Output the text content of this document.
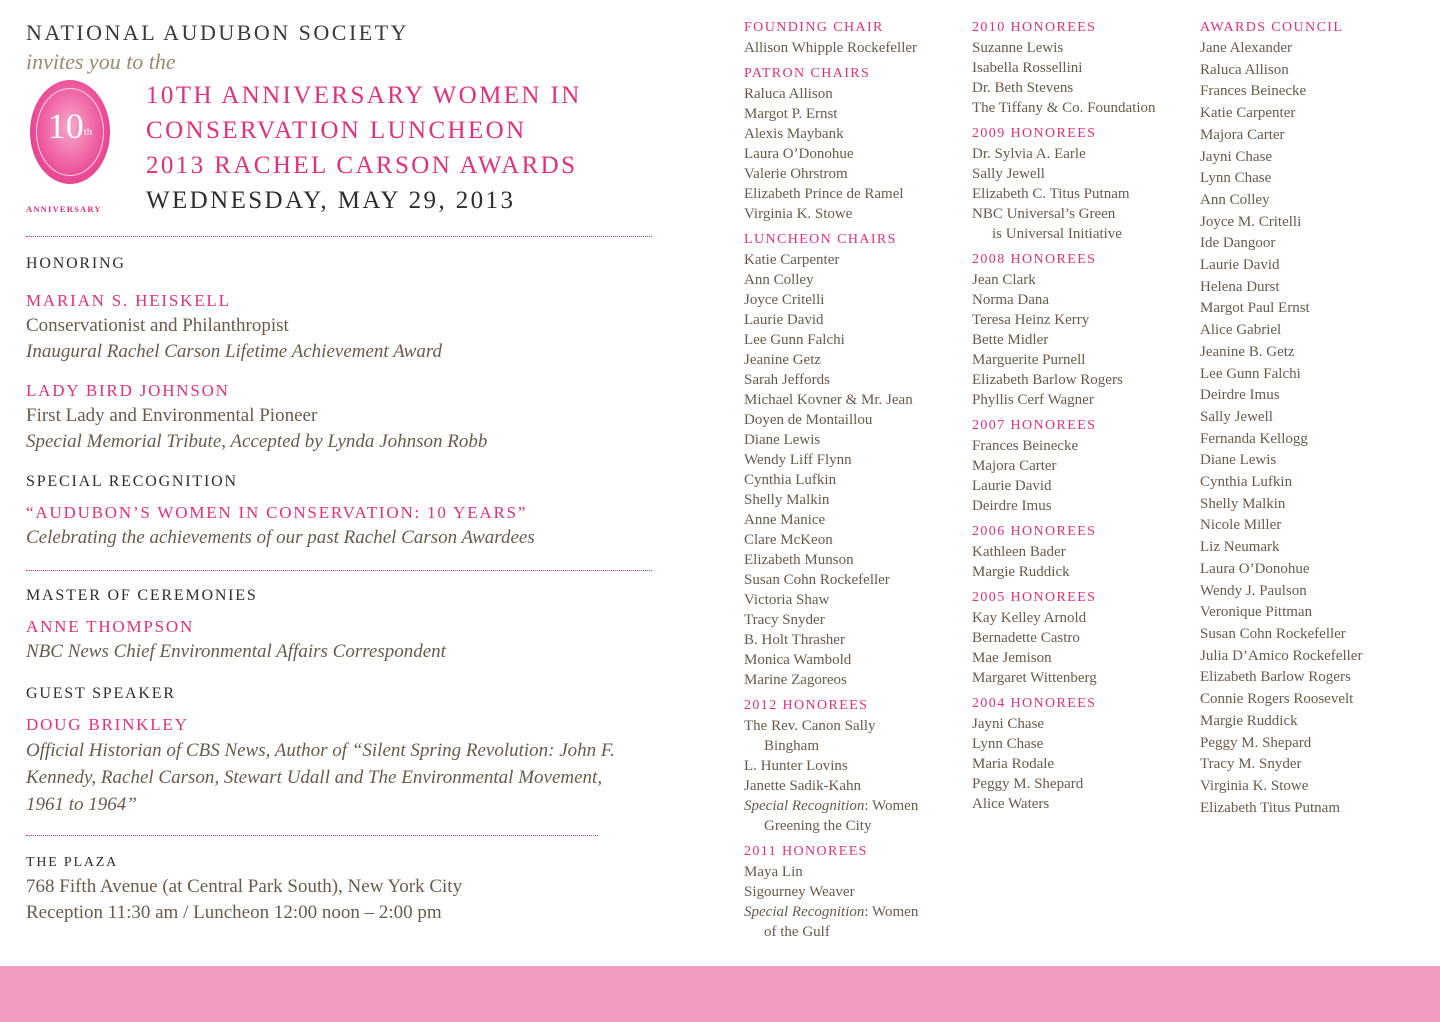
NATIONAL AUDUBON SOCIETY
invites you to the
10th
10TH ANNIVERSARY WOMEN IN
CONSERVATION LUNCHEON
2013 RACHEL CARSON AWARDS
WEDNESDAY, MAY 29, 2013
ANNIVERSARY
HONORING
MARIAN S. HEISKELL
Conservationist and Philanthropist
Inaugural Rachel Carson Lifetime Achievement Award
LADY BIRD JOHNSON
First Lady and Environmental Pioneer
Special Memorial Tribute, Accepted by Lynda Johnson Robb
SPECIAL RECOGNITION
“AUDUBON’S WOMEN IN CONSERVATION: 10 YEARS”
Celebrating the achievements of our past Rachel Carson Awardees
MASTER OF CEREMONIES
ANNE THOMPSON
NBC News Chief Environmental Affairs Correspondent
GUEST SPEAKER
DOUG BRINKLEY
Official Historian of CBS News, Author of “Silent Spring Revolution: John F. Kennedy, Rachel Carson, Stewart Udall and The Environmental Movement, 1961 to 1964”
THE PLAZA
768 Fifth Avenue (at Central Park South), New York City
Reception 11:30 am / Luncheon 12:00 noon – 2:00 pm
FOUNDING CHAIR
Allison Whipple Rockefeller
PATRON CHAIRS
Raluca Allison
Margot P. Ernst
Alexis Maybank
Laura O’Donohue
Valerie Ohrstrom
Elizabeth Prince de Ramel
Virginia K. Stowe
LUNCHEON CHAIRS
Katie Carpenter
Ann Colley
Joyce Critelli
Laurie David
Lee Gunn Falchi
Jeanine Getz
Sarah Jeffords
Michael Kovner & Mr. Jean
Doyen de Montaillou
Diane Lewis
Wendy Liff Flynn
Cynthia Lufkin
Shelly Malkin
Anne Manice
Clare McKeon
Elizabeth Munson
Susan Cohn Rockefeller
Victoria Shaw
Tracy Snyder
B. Holt Thrasher
Monica Wambold
Marine Zagoreos
2012 HONOREES
The Rev. Canon Sally
Bingham
L. Hunter Lovins
Janette Sadik-Kahn
Special Recognition: Women
Greening the City
2011 HONOREES
Maya Lin
Sigourney Weaver
Special Recognition: Women
of the Gulf
2010 HONOREES
Suzanne Lewis
Isabella Rossellini
Dr. Beth Stevens
The Tiffany & Co. Foundation
2009 HONOREES
Dr. Sylvia A. Earle
Sally Jewell
Elizabeth C. Titus Putnam
NBC Universal’s Green
is Universal Initiative
2008 HONOREES
Jean Clark
Norma Dana
Teresa Heinz Kerry
Bette Midler
Marguerite Purnell
Elizabeth Barlow Rogers
Phyllis Cerf Wagner
2007 HONOREES
Frances Beinecke
Majora Carter
Laurie David
Deirdre Imus
2006 HONOREES
Kathleen Bader
Margie Ruddick
2005 HONOREES
Kay Kelley Arnold
Bernadette Castro
Mae Jemison
Margaret Wittenberg
2004 HONOREES
Jayni Chase
Lynn Chase
Maria Rodale
Peggy M. Shepard
Alice Waters
AWARDS COUNCIL
Jane Alexander
Raluca Allison
Frances Beinecke
Katie Carpenter
Majora Carter
Jayni Chase
Lynn Chase
Ann Colley
Joyce M. Critelli
Ide Dangoor
Laurie David
Helena Durst
Margot Paul Ernst
Alice Gabriel
Jeanine B. Getz
Lee Gunn Falchi
Deirdre Imus
Sally Jewell
Fernanda Kellogg
Diane Lewis
Cynthia Lufkin
Shelly Malkin
Nicole Miller
Liz Neumark
Laura O’Donohue
Wendy J. Paulson
Veronique Pittman
Susan Cohn Rockefeller
Julia D’Amico Rockefeller
Elizabeth Barlow Rogers
Connie Rogers Roosevelt
Margie Ruddick
Peggy M. Shepard
Tracy M. Snyder
Virginia K. Stowe
Elizabeth Titus Putnam
